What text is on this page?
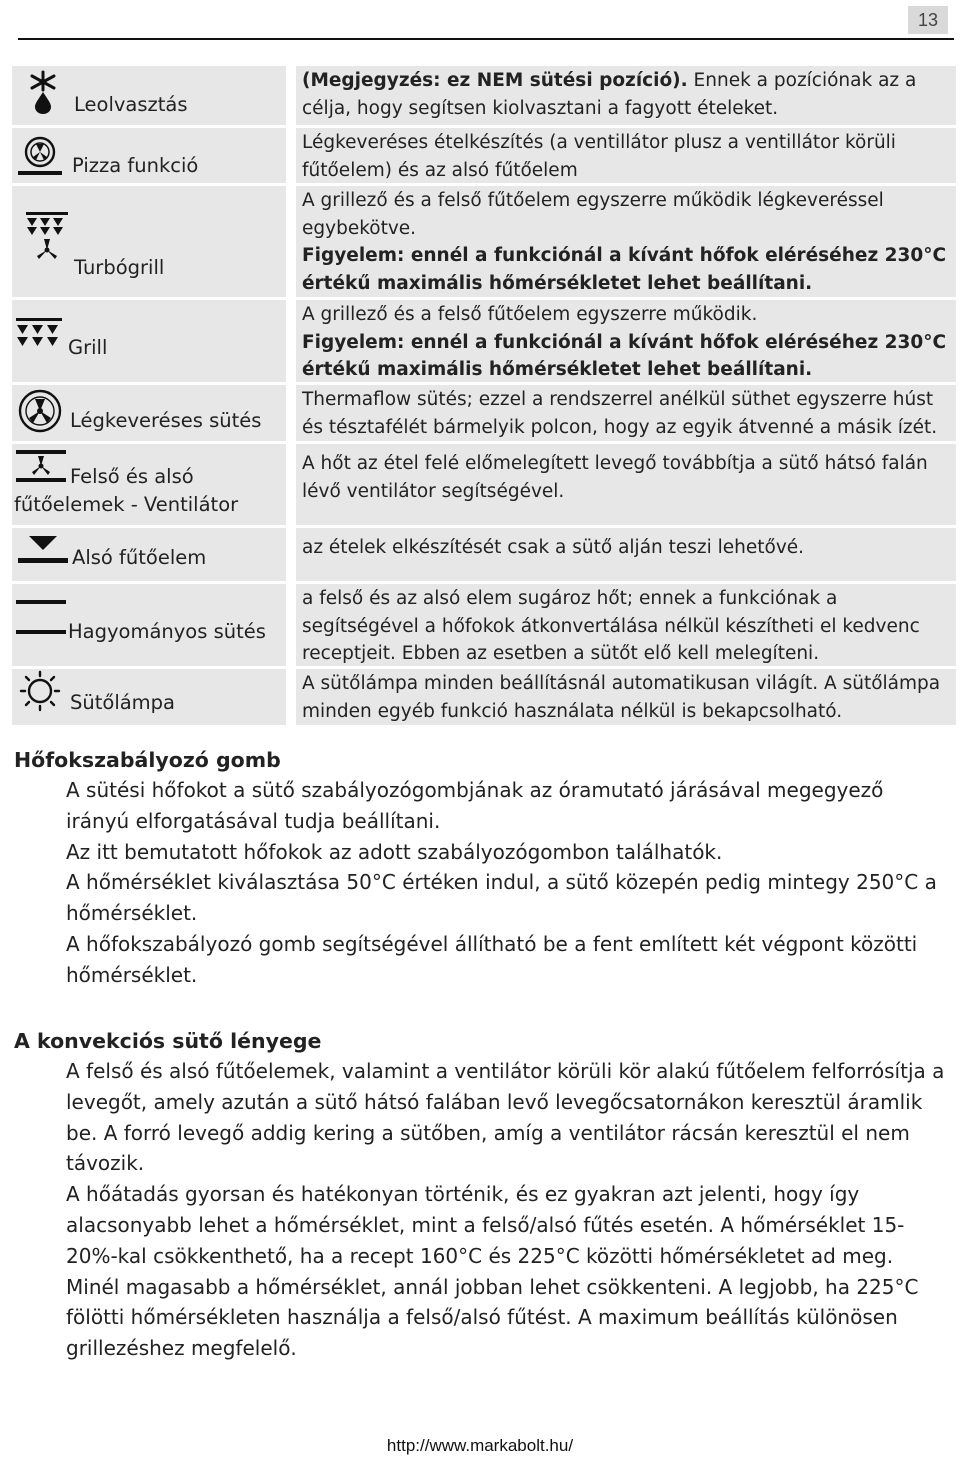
13
Leolvasztás

(Megjegyzés: ez NEM sütési pozíció). Ennek a pozíciónak az a célja, hogy segítsen kiolvasztani a fagyott ételeket.

Pizza funkció

Légkeveréses ételkészítés (a ventillátor plusz a ventillátor körüli fűtőelem) és az alsó fűtőelem

Turbógrill

A grillező és a felső fűtőelem egyszerre működik légkeveréssel egybekötve.

Figyelem: ennél a funkciónál a kívánt hőfok eléréséhez 230°C értékű maximális hőmérsékletet lehet beállítani.

Grill

A grillező és a felső fűtőelem egyszerre működik.

Figyelem: ennél a funkciónál a kívánt hőfok eléréséhez 230°C értékű maximális hőmérsékletet lehet beállítani.

Légkeveréses sütés

Thermaflow sütés; ezzel a rendszerrel anélkül süthet egyszerre húst és tésztafélét bármelyik polcon, hogy az egyik átvenné a másik ízét.

Felső és alsó
fűtőelemek - Ventilátor

A hőt az étel felé előmelegített levegő továbbítja a sütő hátsó falán lévő ventilátor segítségével.

Alsó fűtőelem	az ételek elkészítését csak a sütő alján teszi lehetővé.

Hagyományos sütés

a felső és az alsó elem sugároz hőt; ennek a funkciónak a segítségével a hőfokok átkonvertálása nélkül készítheti el kedvenc receptjeit. Ebben az esetben a sütőt elő kell melegíteni.

Sütőlámpa

A sütőlámpa minden beállításnál automatikusan világít. A sütőlámpa minden egyéb funkció használata nélkül is bekapcsolható.

Hőfokszabályozó gomb

A sütési hőfokot a sütő szabályozógombjának az óramutató járásával megegyező irányú elforgatásával tudja beállítani.

Az itt bemutatott hőfokok az adott szabályozógombon találhatók.

A hőmérséklet kiválasztása 50°C értéken indul, a sütő közepén pedig mintegy 250°C a hőmérséklet.

A hőfokszabályozó gomb segítségével állítható be a fent említett két végpont közötti hőmérséklet.

A konvekciós sütő lényege

A felső és alsó fűtőelemek, valamint a ventilátor körüli kör alakú fűtőelem felforrósítja a levegőt, amely azután a sütő hátsó falában levő levegőcsatornákon keresztül áramlik be. A forró levegő addig kering a sütőben, amíg a ventilátor rácsán keresztül el nem távozik.

A hőátadás gyorsan és hatékonyan történik, és ez gyakran azt jelenti, hogy így alacsonyabb lehet a hőmérséklet, mint a felső/alsó fűtés esetén. A hőmérséklet 15-20%-kal csökkenthető, ha a recept 160°C és 225°C közötti hőmérsékletet ad meg.

Minél magasabb a hőmérséklet, annál jobban lehet csökkenteni. A legjobb, ha 225°C fölötti hőmérsékleten használja a felső/alsó fűtést. A maximum beállítás különösen grillezéshez megfelelő.

http://www.markabolt.hu/
